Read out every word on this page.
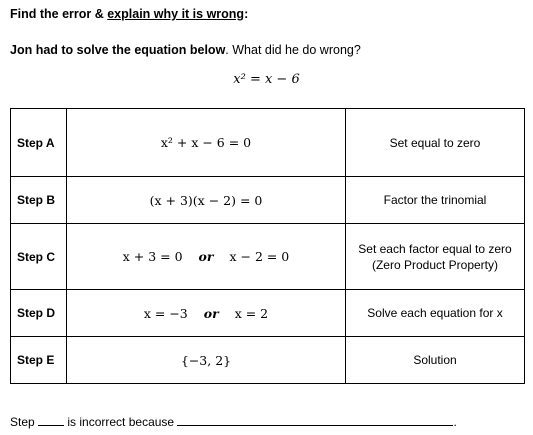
Find the error & explain why it is wrong:
Jon had to solve the equation below. What did he do wrong?
x² = x − 6
Step A	x² + x − 6 = 0	Set equal to zero
Step B	(x + 3)(x − 2) = 0	Factor the trinomial
Step C	x + 3 = 0 or x − 2 = 0	Set each factor equal to zero
(Zero Product Property)

Step D	x = −3 or x = 2	Solve each equation for x
Step E	{−3, 2}	Solution
Step	is incorrect because	.
